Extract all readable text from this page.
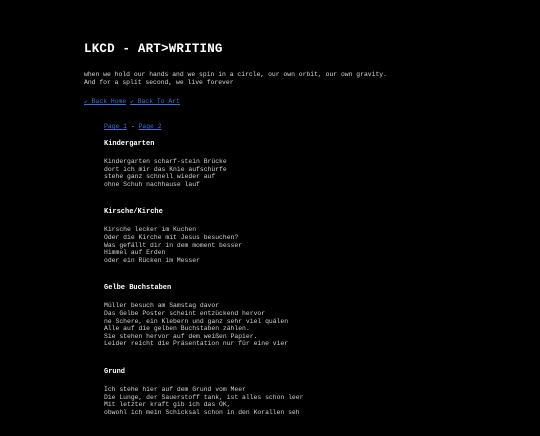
LKCD - ART>WRITING

when we hold our hands and we spin in a circle, our own orbit, our own gravity.
And for a split second, we live forever

↙ Back Home ↙ Back To Art
Page 1 - Page 2
Kindergarten
Kindergarten scharf-stein Brücke
dort ich mir das Knie aufschürfe
stehe ganz schnell wieder auf
ohne Schuh nachhause lauf
Kirsche/Kirche
Kirsche lecker im Kuchen
Oder die Kirche mit Jesus besuchen?
Was gefällt dir in dem moment besser
Himmel auf Erden
oder ein Rücken im Messer
Gelbe Buchstaben
Müller besuch am Samstag davor
Das Gelbe Poster scheint entzückend hervor
ne Schere, ein Klebern und ganz sehr viel quälen
Alle auf die gelben Buchstaben zählen.
Sie stehen hervor auf dem weißen Papier.
Leider reicht die Präsentation nur für eine vier
Grund
Ich stehe hier auf dem Grund vom Meer
Die Lunge, der Sauerstoff tank, ist alles schon leer
Mit letzter kraft gib ich das OK,
obwohl ich mein Schicksal schon in den Korallen seh
